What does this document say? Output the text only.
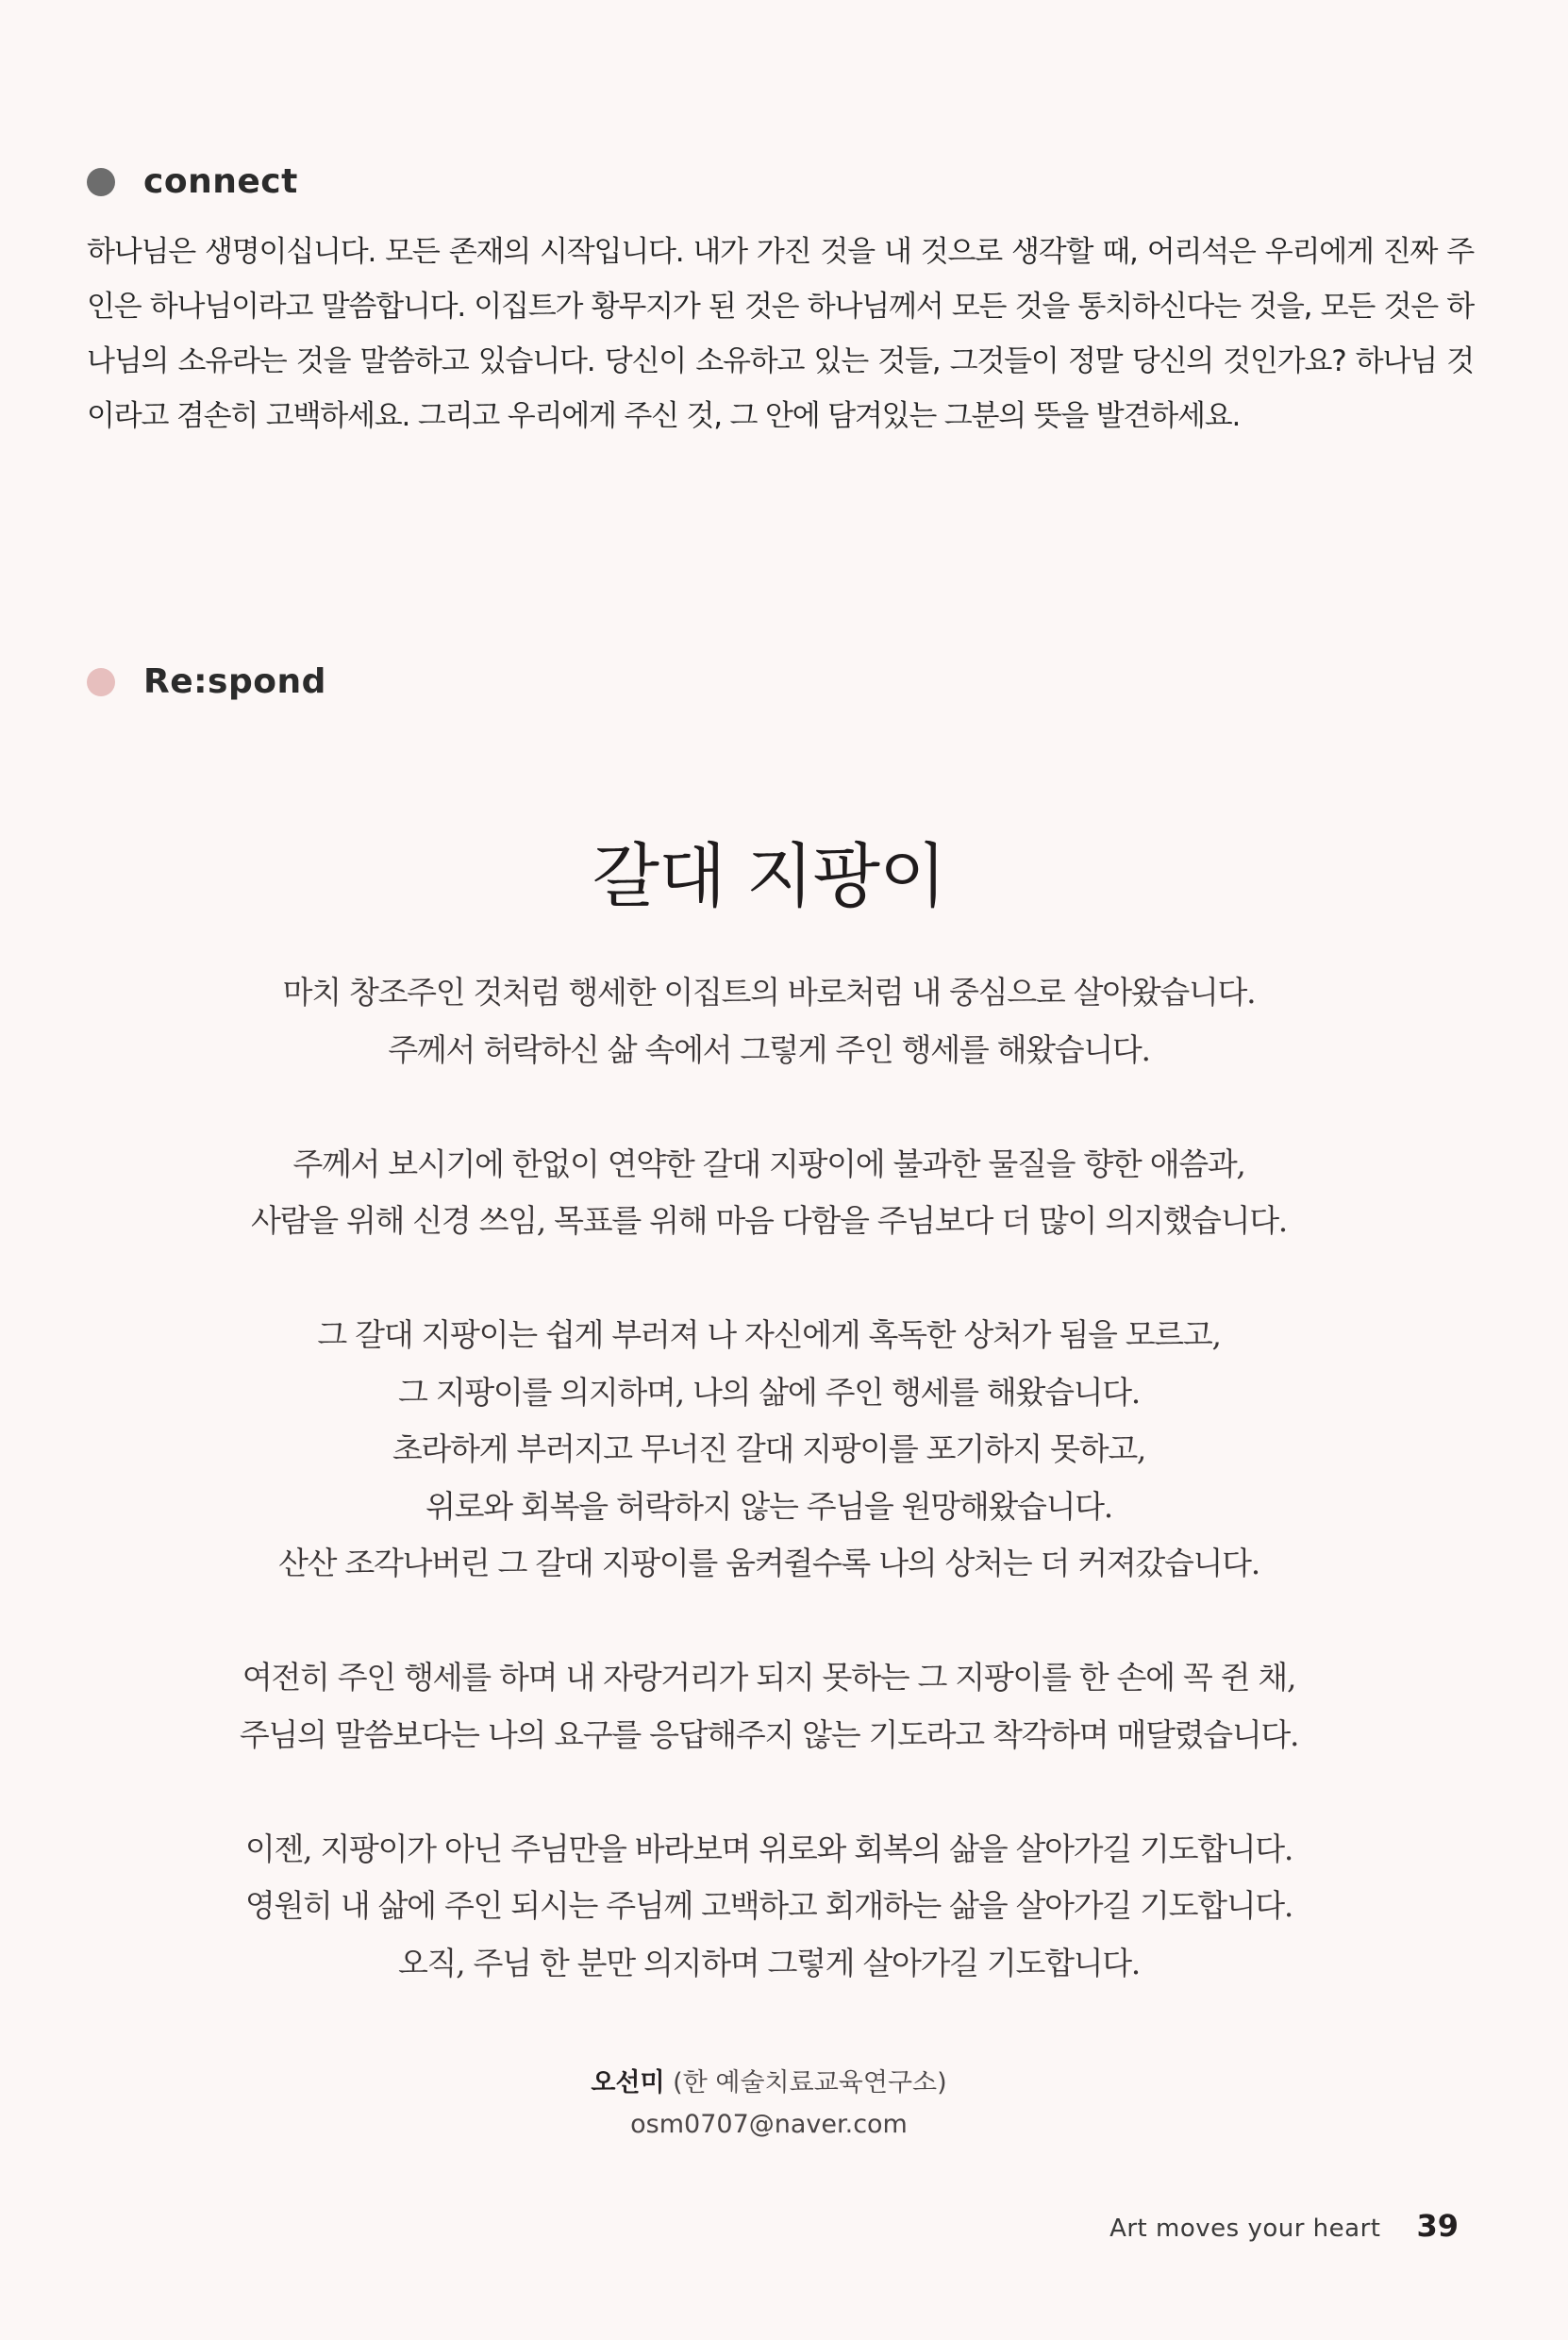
connect

하나님은 생명이십니다. 모든 존재의 시작입니다. 내가 가진 것을 내 것으로 생각할 때, 어리석은 우리에게 진짜 주인은 하나님이라고 말씀합니다. 이집트가 황무지가 된 것은 하나님께서 모든 것을 통치하신다는 것을, 모든 것은 하나님의 소유라는 것을 말씀하고 있습니다. 당신이 소유하고 있는 것들, 그것들이 정말 당신의 것인가요? 하나님 것이라고 겸손히 고백하세요. 그리고 우리에게 주신 것, 그 안에 담겨있는 그분의 뜻을 발견하세요.

Re:spond
갈대 지팡이
마치 창조주인 것처럼 행세한 이집트의 바로처럼 내 중심으로 살아왔습니다.
주께서 허락하신 삶 속에서 그렇게 주인 행세를 해왔습니다.
주께서 보시기에 한없이 연약한 갈대 지팡이에 불과한 물질을 향한 애씀과,
사람을 위해 신경 쓰임, 목표를 위해 마음 다함을 주님보다 더 많이 의지했습니다.
그 갈대 지팡이는 쉽게 부러져 나 자신에게 혹독한 상처가 됨을 모르고,
그 지팡이를 의지하며, 나의 삶에 주인 행세를 해왔습니다.
초라하게 부러지고 무너진 갈대 지팡이를 포기하지 못하고,
위로와 회복을 허락하지 않는 주님을 원망해왔습니다.
산산 조각나버린 그 갈대 지팡이를 움켜쥘수록 나의 상처는 더 커져갔습니다.
여전히 주인 행세를 하며 내 자랑거리가 되지 못하는 그 지팡이를 한 손에 꼭 쥔 채,
주님의 말씀보다는 나의 요구를 응답해주지 않는 기도라고 착각하며 매달렸습니다.
이젠, 지팡이가 아닌 주님만을 바라보며 위로와 회복의 삶을 살아가길 기도합니다.
영원히 내 삶에 주인 되시는 주님께 고백하고 회개하는 삶을 살아가길 기도합니다.
오직, 주님 한 분만 의지하며 그렇게 살아가길 기도합니다.
오선미 (한 예술치료교육연구소)
osm0707@naver.com
Art moves your heart 39
